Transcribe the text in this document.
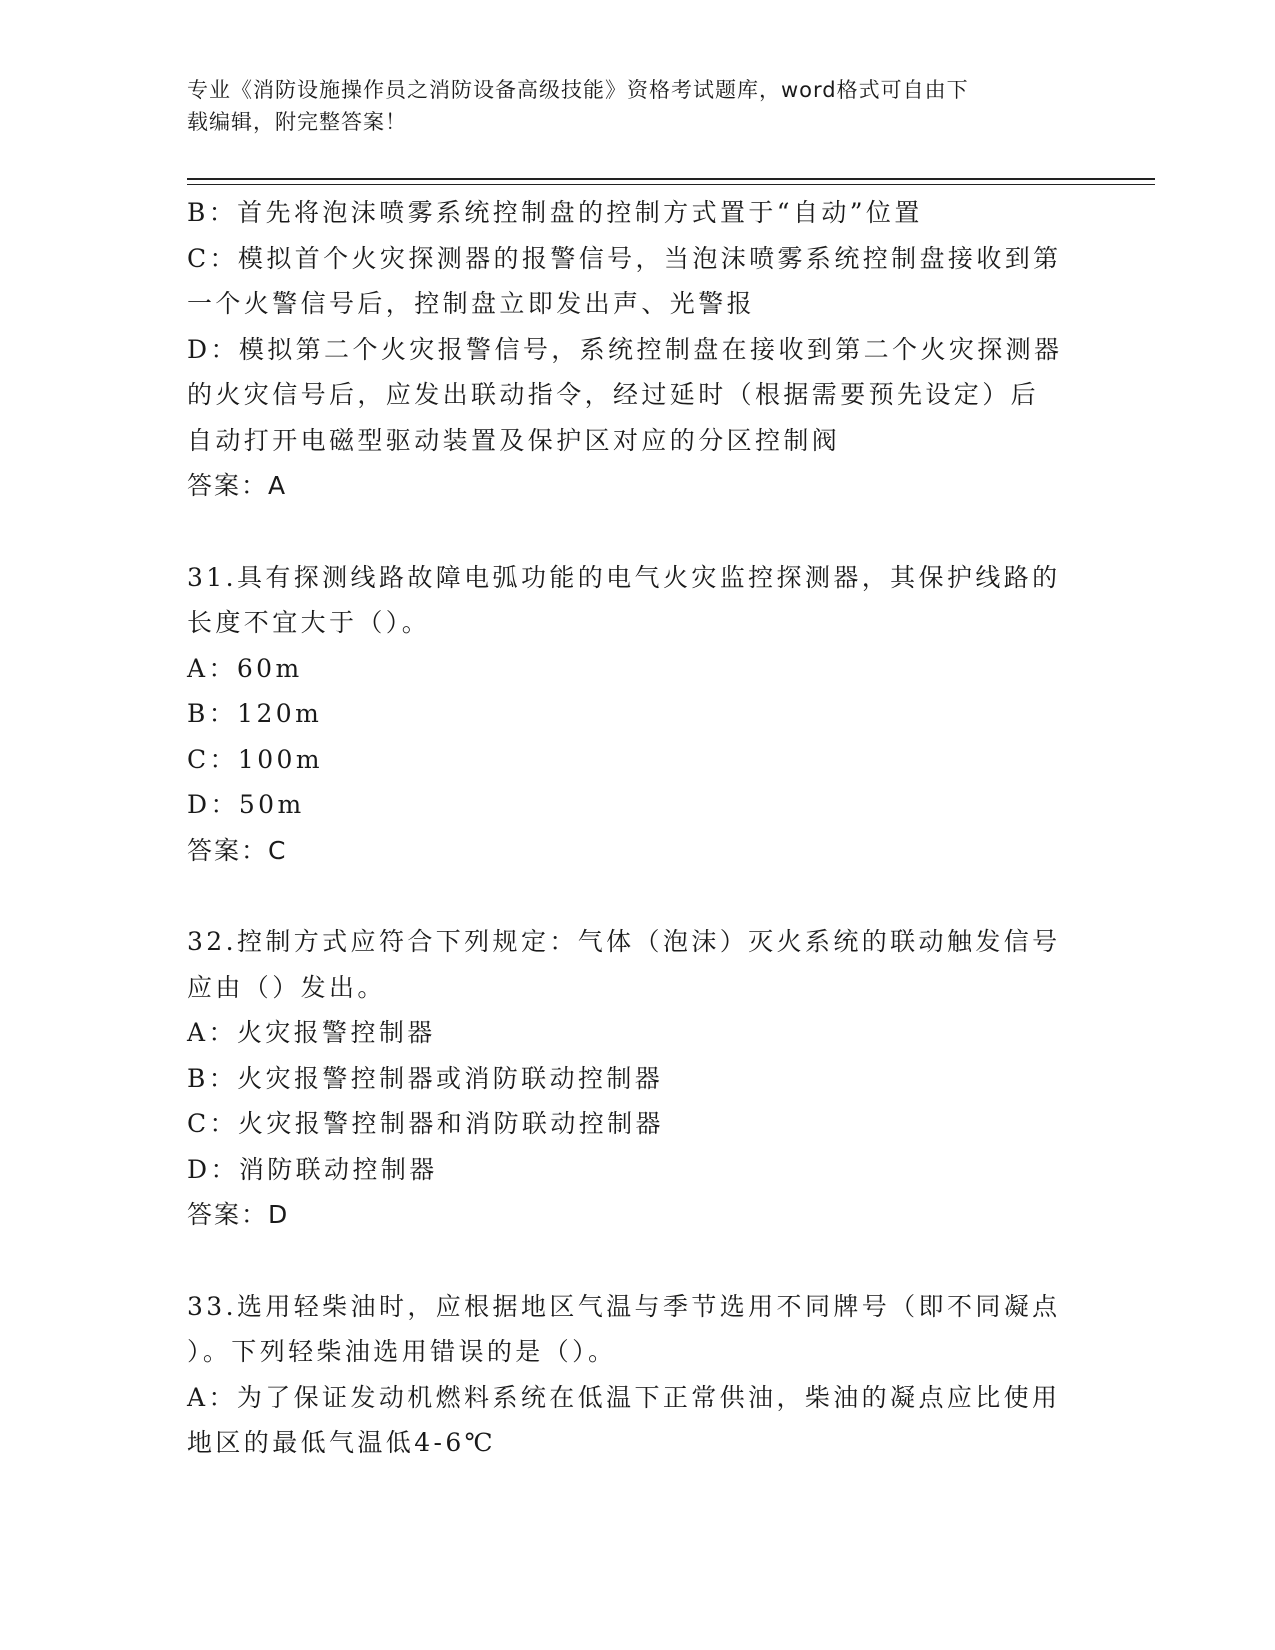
专业《消防设施操作员之消防设备高级技能》资格考试题库，word格式可自由下
载编辑，附完整答案！
B：首先将泡沫喷雾系统控制盘的控制方式置于“自动”位置
C：模拟首个火灾探测器的报警信号，当泡沫喷雾系统控制盘接收到第
一个火警信号后，控制盘立即发出声、光警报
D：模拟第二个火灾报警信号，系统控制盘在接收到第二个火灾探测器
的火灾信号后，应发出联动指令，经过延时（根据需要预先设定）后
自动打开电磁型驱动装置及保护区对应的分区控制阀
答案：A
31.具有探测线路故障电弧功能的电气火灾监控探测器，其保护线路的
长度不宜大于（）。
A：60m
B：120m
C：100m
D：50m
答案：C
32.控制方式应符合下列规定：气体（泡沫）灭火系统的联动触发信号
应由（）发出。
A：火灾报警控制器
B：火灾报警控制器或消防联动控制器
C：火灾报警控制器和消防联动控制器
D：消防联动控制器
答案：D
33.选用轻柴油时，应根据地区气温与季节选用不同牌号（即不同凝点
）。下列轻柴油选用错误的是（）。
A：为了保证发动机燃料系统在低温下正常供油，柴油的凝点应比使用
地区的最低气温低4-6℃
